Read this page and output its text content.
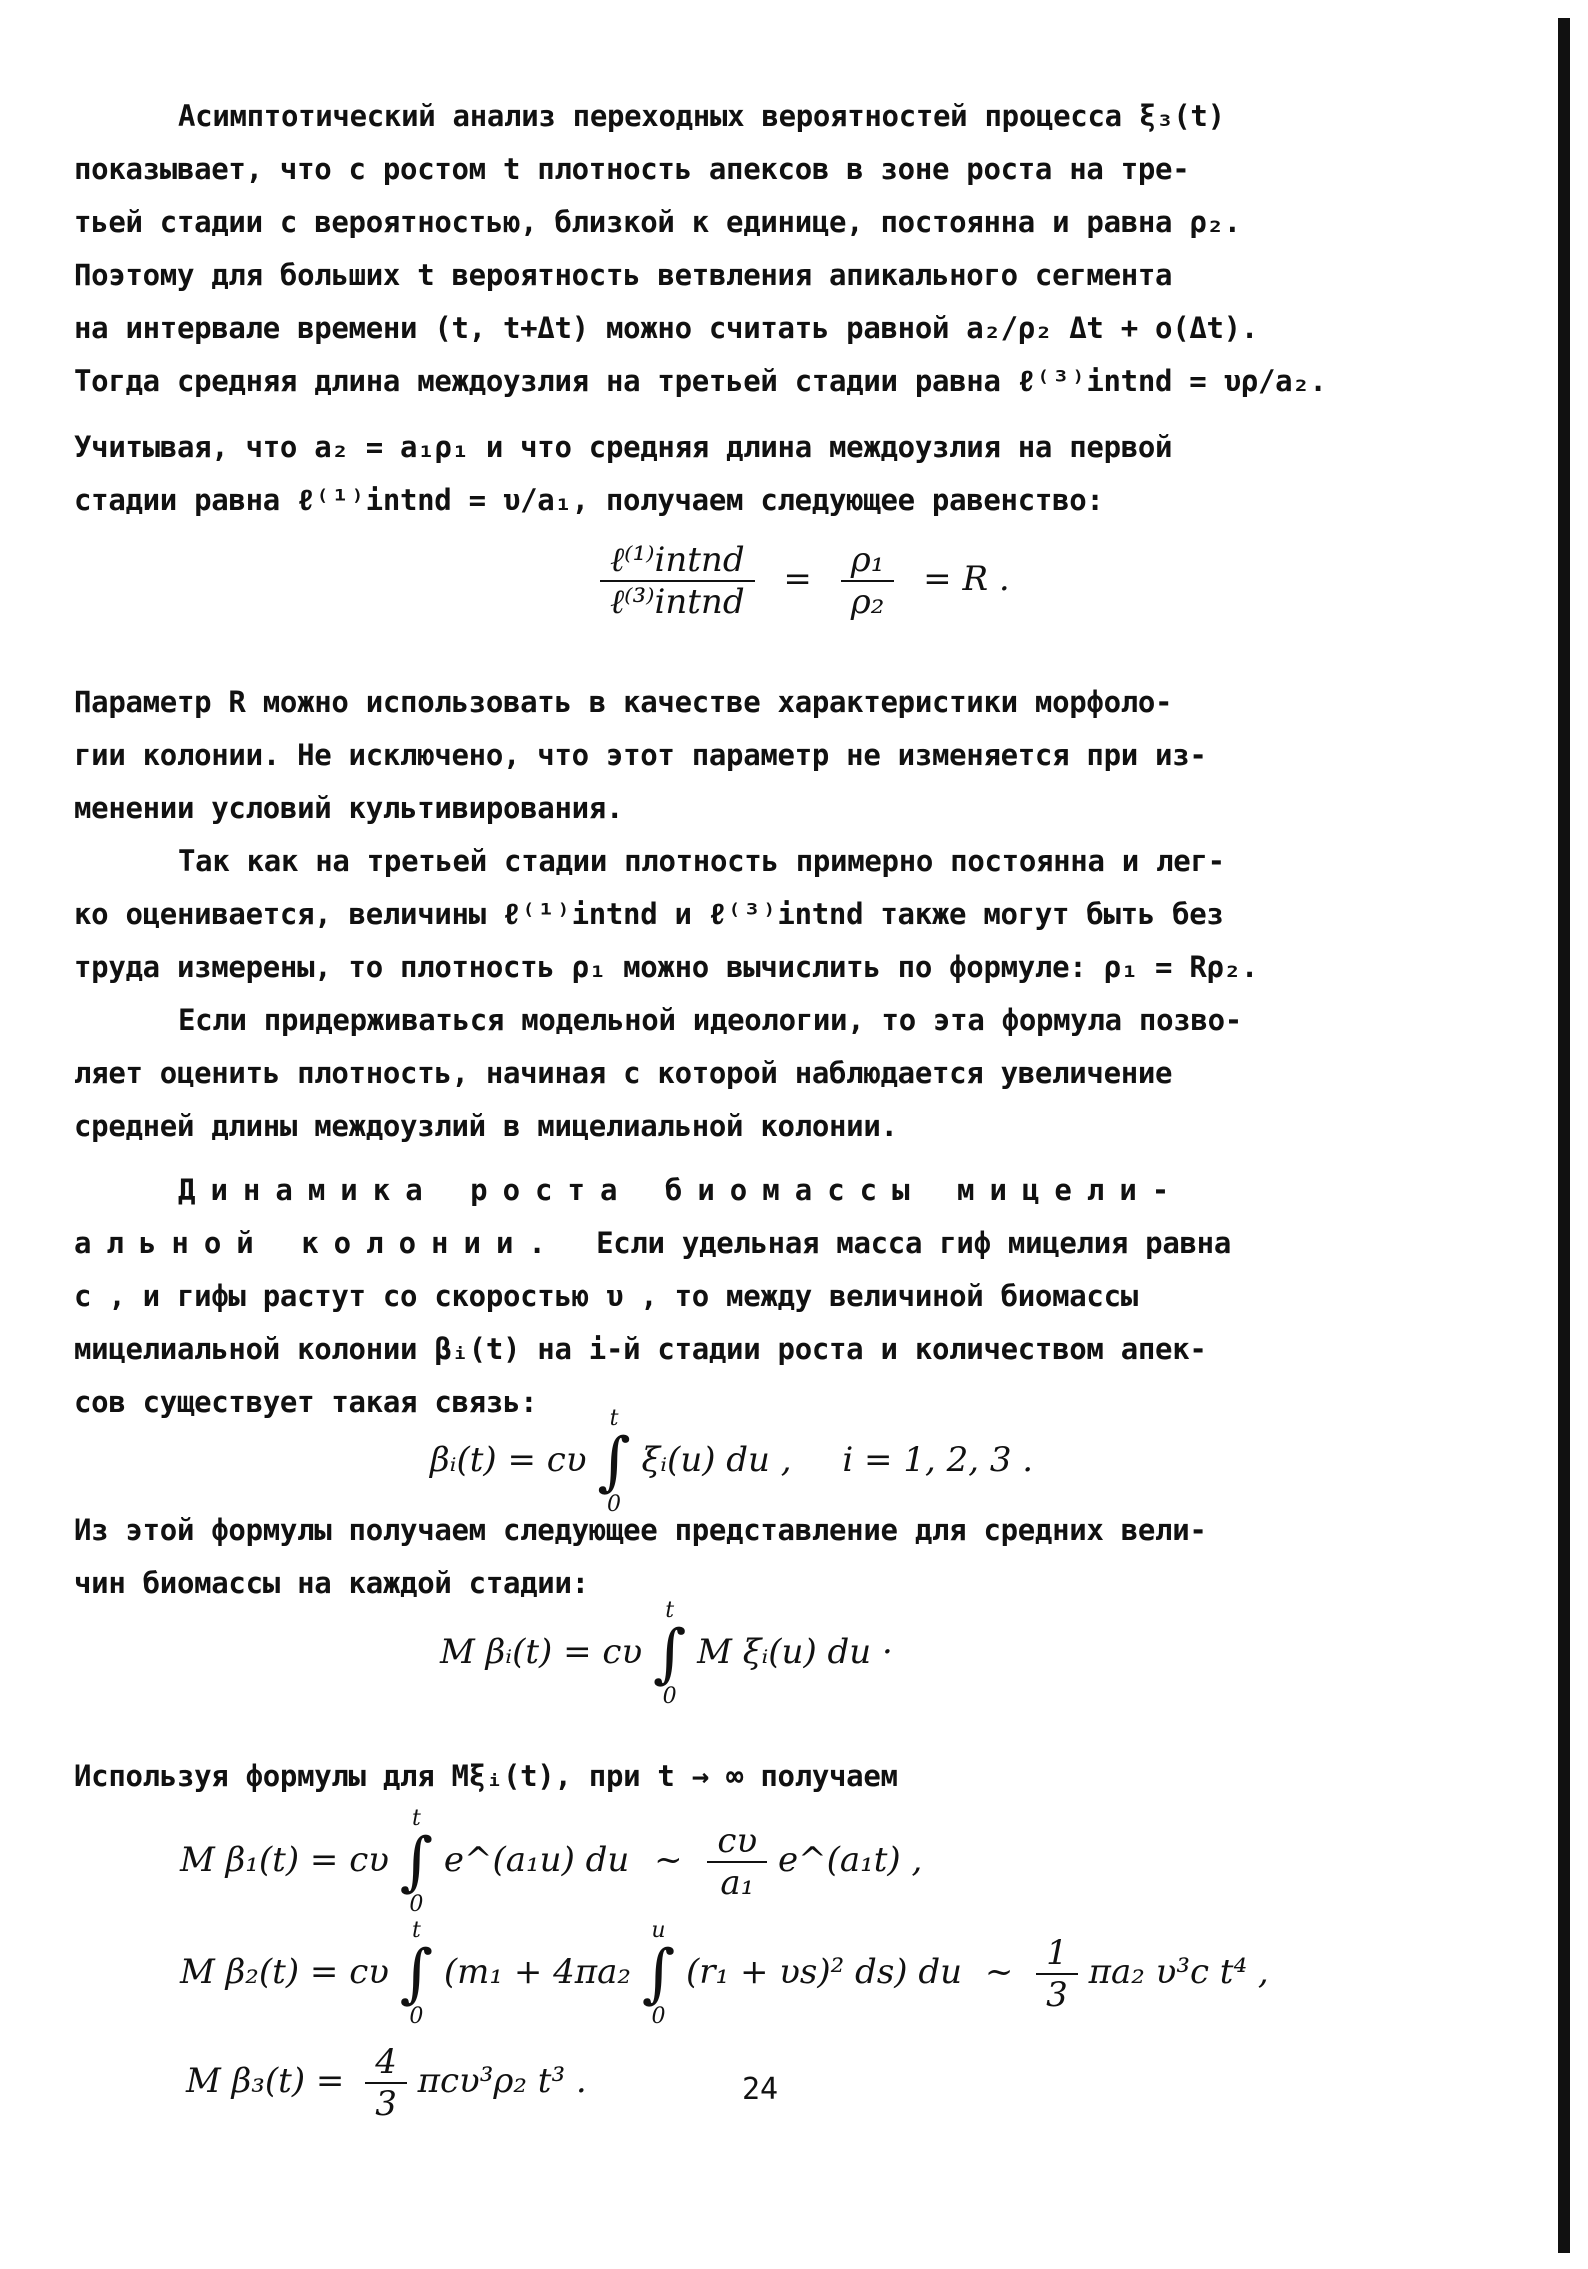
Асимптотический анализ переходных вероятностей процесса ξ₃(t)
показывает, что с ростом t плотность апексов в зоне роста на тре-
тьей стадии с вероятностью, близкой к единице, постоянна и равна ρ₂.
Поэтому для больших t вероятность ветвления апикального сегмента
на интервале времени (t, t+Δt) можно считать равной a₂/ρ₂ Δt + o(Δt).
Тогда средняя длина междоузлия на третьей стадии равна ℓ⁽³⁾intnd = υρ/a₂.
Учитывая, что a₂ = a₁ρ₁ и что средняя длина междоузлия на первой
стадии равна ℓ⁽¹⁾intnd = υ/a₁, получаем следующее равенство:
$\frac{\text{ℓ⁽¹⁾intnd}}{\text{ℓ⁽³⁾intnd}} = \frac{\text{ρ₁}}{\text{ρ₂}} = R$ .
Параметр R можно использовать в качестве характеристики морфоло-
гии колонии. Не исключено, что этот параметр не изменяется при из-
менении условий культивирования.
Так как на третьей стадии плотность примерно постоянна и лег-
ко оценивается, величины ℓ⁽¹⁾intnd и ℓ⁽³⁾intnd также могут быть без
труда измерены, то плотность ρ₁ можно вычислить по формуле: ρ₁ = Rρ₂.
Если придерживаться модельной идеологии, то эта формула позво-
ляет оценить плотность, начиная с которой наблюдается увеличение
средней длины междоузлий в мицелиальной колонии.
Динамика роста биомассы мицели-
альной колонии. Если удельная масса гиф мицелия равна
c , и гифы растут со скоростью υ , то между величиной биомассы
мицелиальной колонии βᵢ(t) на i-й стадии роста и количеством апек-
сов существует такая связь:
βᵢ(t) = cυ
t
∫
0
ξᵢ(u) du , i = 1, 2, 3 .
Из этой формулы получаем следующее представление для средних вели-
чин биомассы на каждой стадии:
M βᵢ(t) = cυ
t
∫
0
M ξᵢ(u) du ·
Используя формулы для Mξᵢ(t), при t → ∞ получаем
M β₁(t) = cυ
t
∫
0
e^(a₁u) du ~ $\frac{c\upsilon}{\text{a₁}}$ e^(a₁t) ,
M β₂(t) = cυ
t
∫
0
(m₁ + 4πa₂
u
∫
0
(r₁ + υs)² ds) du ~ $\frac{1}{3} \pi a_2$ υ³c t⁴ ,
M $\beta_3(t) = \frac{4}{3} \pi c\upsilon^3\rho_2$ t³ .	24
